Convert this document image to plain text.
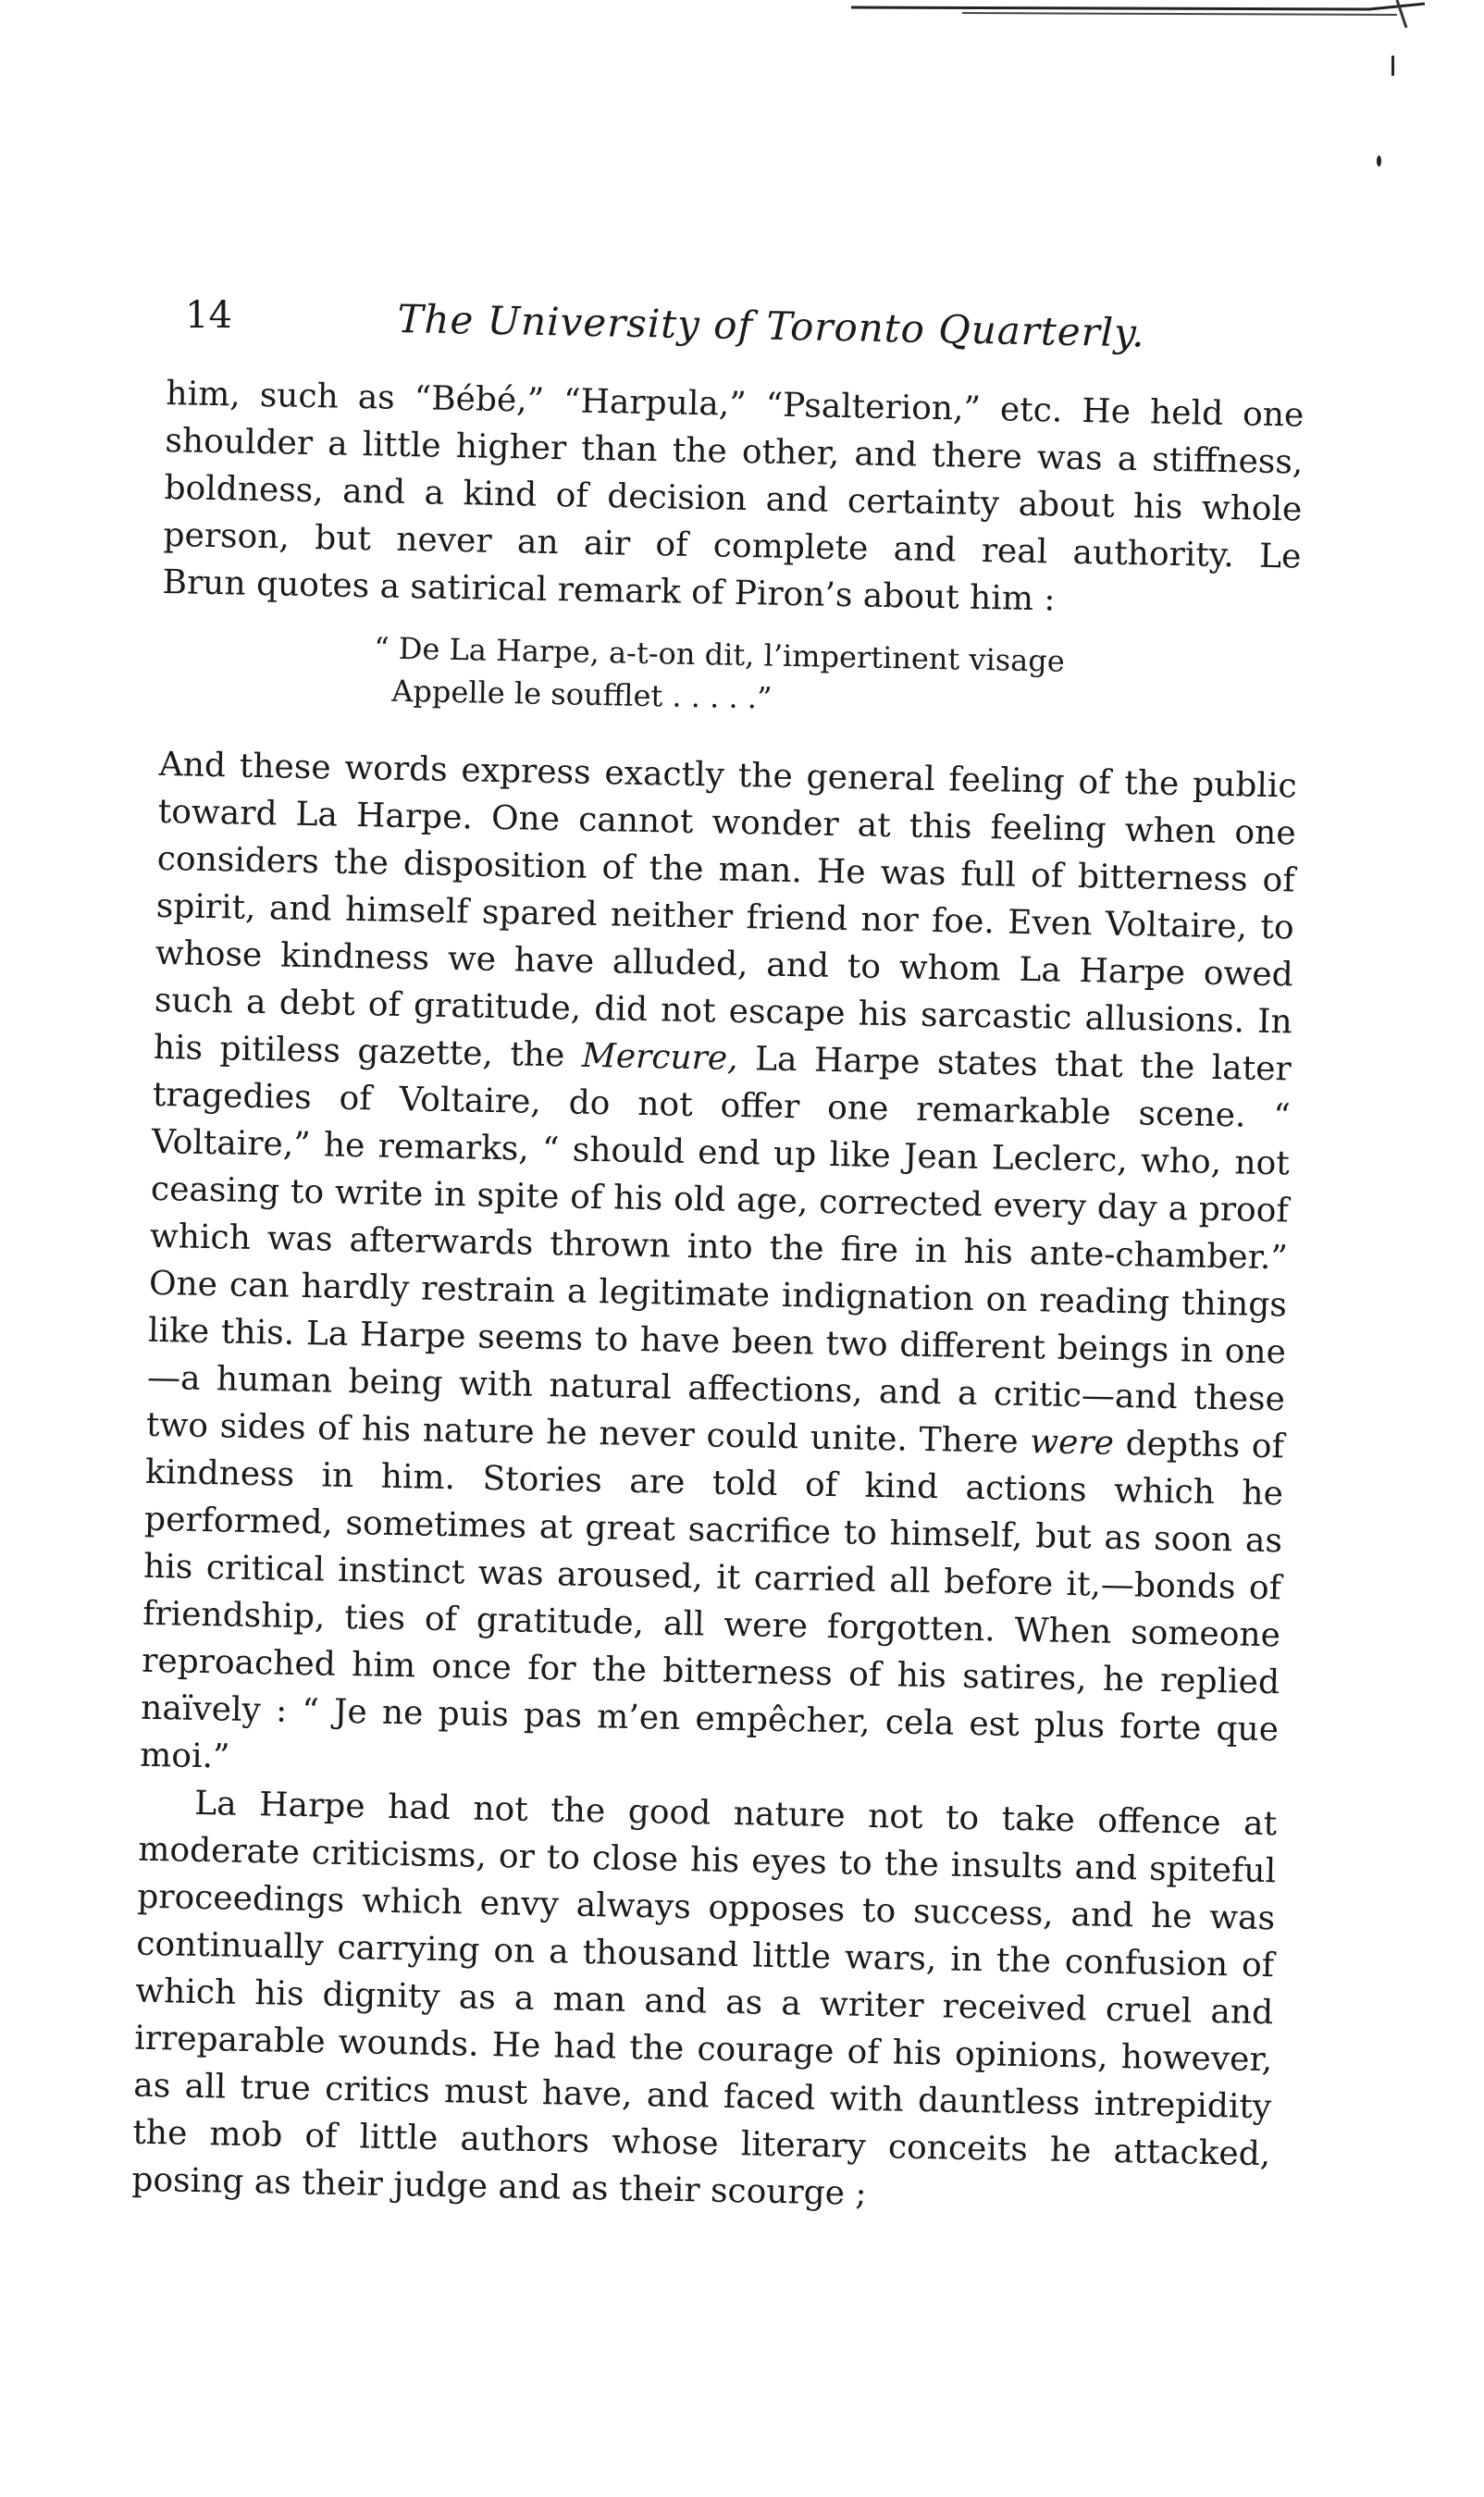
14	The University of Toronto Quarterly.

him, such as “Bébé,” “Harpula,” “Psalterion,” etc. He held one

shoulder a little higher than the other, and there was a stiffness,

boldness, and a kind of decision and certainty about his whole

person, but never an air of complete and real authority. Le

Brun quotes a satirical remark of Piron’s about him :

“ De La Harpe, a-t-on dit, l’impertinent visage
Appelle le soufflet . . . . .”

And these words express exactly the general feeling of the public toward La Harpe. One cannot wonder at this feeling when one considers the disposition of the man. He was full of bitterness of spirit, and himself spared neither friend nor foe. Even Voltaire, to whose kindness we have alluded, and to whom La Harpe owed such a debt of gratitude, did not escape his sarcastic allusions. In his pitiless gazette, the Mercure, La Harpe states that the later tragedies of Voltaire, do not offer one remarkable scene. “ Voltaire,” he remarks, “ should end up like Jean Leclerc, who, not ceasing to write in spite of his old age, corrected every day a proof which was afterwards thrown into the fire in his ante-chamber.” One can hardly restrain a legitimate indignation on reading things like this. La Harpe seems to have been two different beings in one—a human being with natural affections, and a critic—and these two sides of his nature he never could unite. There were depths of kindness in him. Stories are told of kind actions which he performed, sometimes at great sacrifice to himself, but as soon as his critical instinct was aroused, it carried all before it,—bonds of friendship, ties of gratitude, all were forgotten. When someone reproached him once for the bitterness of his satires, he replied naïvely : “ Je ne puis pas m’en empêcher, cela est plus forte que moi.”

La Harpe had not the good nature not to take offence at moderate criticisms, or to close his eyes to the insults and spiteful proceedings which envy always opposes to success, and he was continually carrying on a thousand little wars, in the confusion of which his dignity as a man and as a writer received cruel and irreparable wounds. He had the courage of his opinions, however, as all true critics must have, and faced with dauntless intrepidity the mob of little authors whose literary conceits he attacked, posing as their judge and as their scourge ;
